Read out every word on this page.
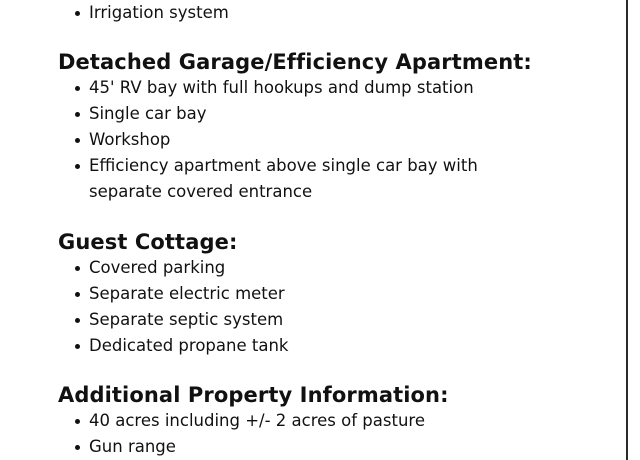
Irrigation system
Detached Garage/Efficiency Apartment:
45' RV bay with full hookups and dump station
Single car bay
Workshop
Efficiency apartment above single car bay with
separate covered entrance
Guest Cottage:
Covered parking
Separate electric meter
Separate septic system
Dedicated propane tank
Additional Property Information:
40 acres including +/- 2 acres of pasture
Gun range
